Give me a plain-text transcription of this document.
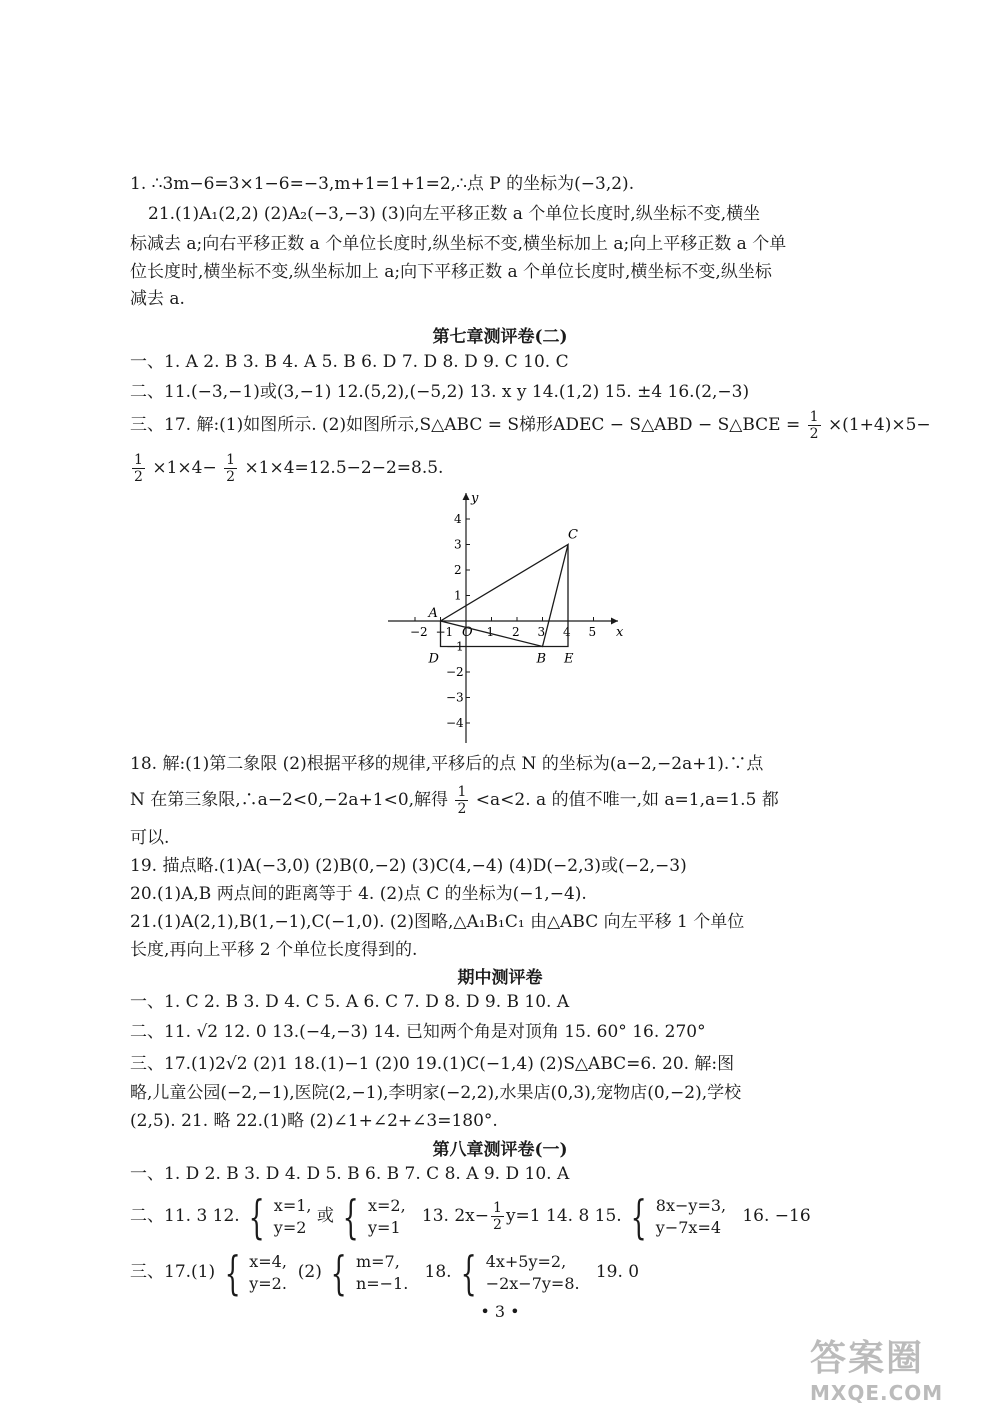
1. ∴3m−6=3×1−6=−3,m+1=1+1=2,∴点 P 的坐标为(−3,2).
21.(1)A₁(2,2) (2)A₂(−3,−3) (3)向左平移正数 a 个单位长度时,纵坐标不变,横坐
标减去 a;向右平移正数 a 个单位长度时,纵坐标不变,横坐标加上 a;向上平移正数 a 个单
位长度时,横坐标不变,纵坐标加上 a;向下平移正数 a 个单位长度时,横坐标不变,纵坐标
减去 a.
第七章测评卷(二)
一、1. A 2. B 3. B 4. A 5. B 6. D 7. D 8. D 9. C 10. C
二、11.(−3,−1)或(3,−1) 12.(5,2),(−5,2) 13. x y 14.(1,2) 15. ±4 16.(2,−3)
三、17. 解:(1)如图所示. (2)如图所示,S△ABC = S梯形ADEC − S△ABD − S△BCE = $\frac{1}{2} \times(1+4)\times 5-$
$\frac{1}{2} \times 1\times 4- \frac{1}{2} \times 1\times 4=12.5-2-2=8.5$.
x
y
O
−2 −1	1 2 3 4 5
4
3
2
1
−1
−2
−3
−4
A
B
C
D	E
18. 解:(1)第二象限 (2)根据平移的规律,平移后的点 N 的坐标为(a−2,−2a+1).∵点
N 在第三象限,∴a−2<0,−2a+1<0,解得 $\frac{1}{2} <a<2$. a 的值不唯一,如 a=1,a=1.5 都
可以.
19. 描点略.(1)A(−3,0) (2)B(0,−2) (3)C(4,−4) (4)D(−2,3)或(−2,−3)
20.(1)A,B 两点间的距离等于 4. (2)点 C 的坐标为(−1,−4).
21.(1)A(2,1),B(1,−1),C(−1,0). (2)图略,△A₁B₁C₁ 由△ABC 向左平移 1 个单位
长度,再向上平移 2 个单位长度得到的.
期中测评卷
一、1. C 2. B 3. D 4. C 5. A 6. C 7. D 8. D 9. B 10. A
二、11. √2 12. 0 13.(−4,−3) 14. 已知两个角是对顶角 15. 60° 16. 270°
三、17.(1)2√2 (2)1 18.(1)−1 (2)0 19.(1)C(−1,4) (2)S△ABC=6. 20. 解:图
略,儿童公园(−2,−1),医院(2,−1),李明家(−2,2),水果店(0,3),宠物店(0,−2),学校
(2,5). 21. 略 22.(1)略 (2)∠1+∠2+∠3=180°.
第八章测评卷(一)
一、1. D 2. B 3. D 4. D 5. B 6. B 7. C 8. A 9. D 10. A
二、11. 3 12. { x=1,
y=2
或 { x=2,
y=1
13. $2x- \frac{1}{2} y=1$ 14. 8 15. { 8x−y=3,
y−7x=4
16. −16
三、17.(1) { x=4,
y=2.
(2) { m=7,
n=−1.
18. { 4x+5y=2,
−2x−7y=8.
19. 0
• 3 •
答案圈
MXQE.COM
